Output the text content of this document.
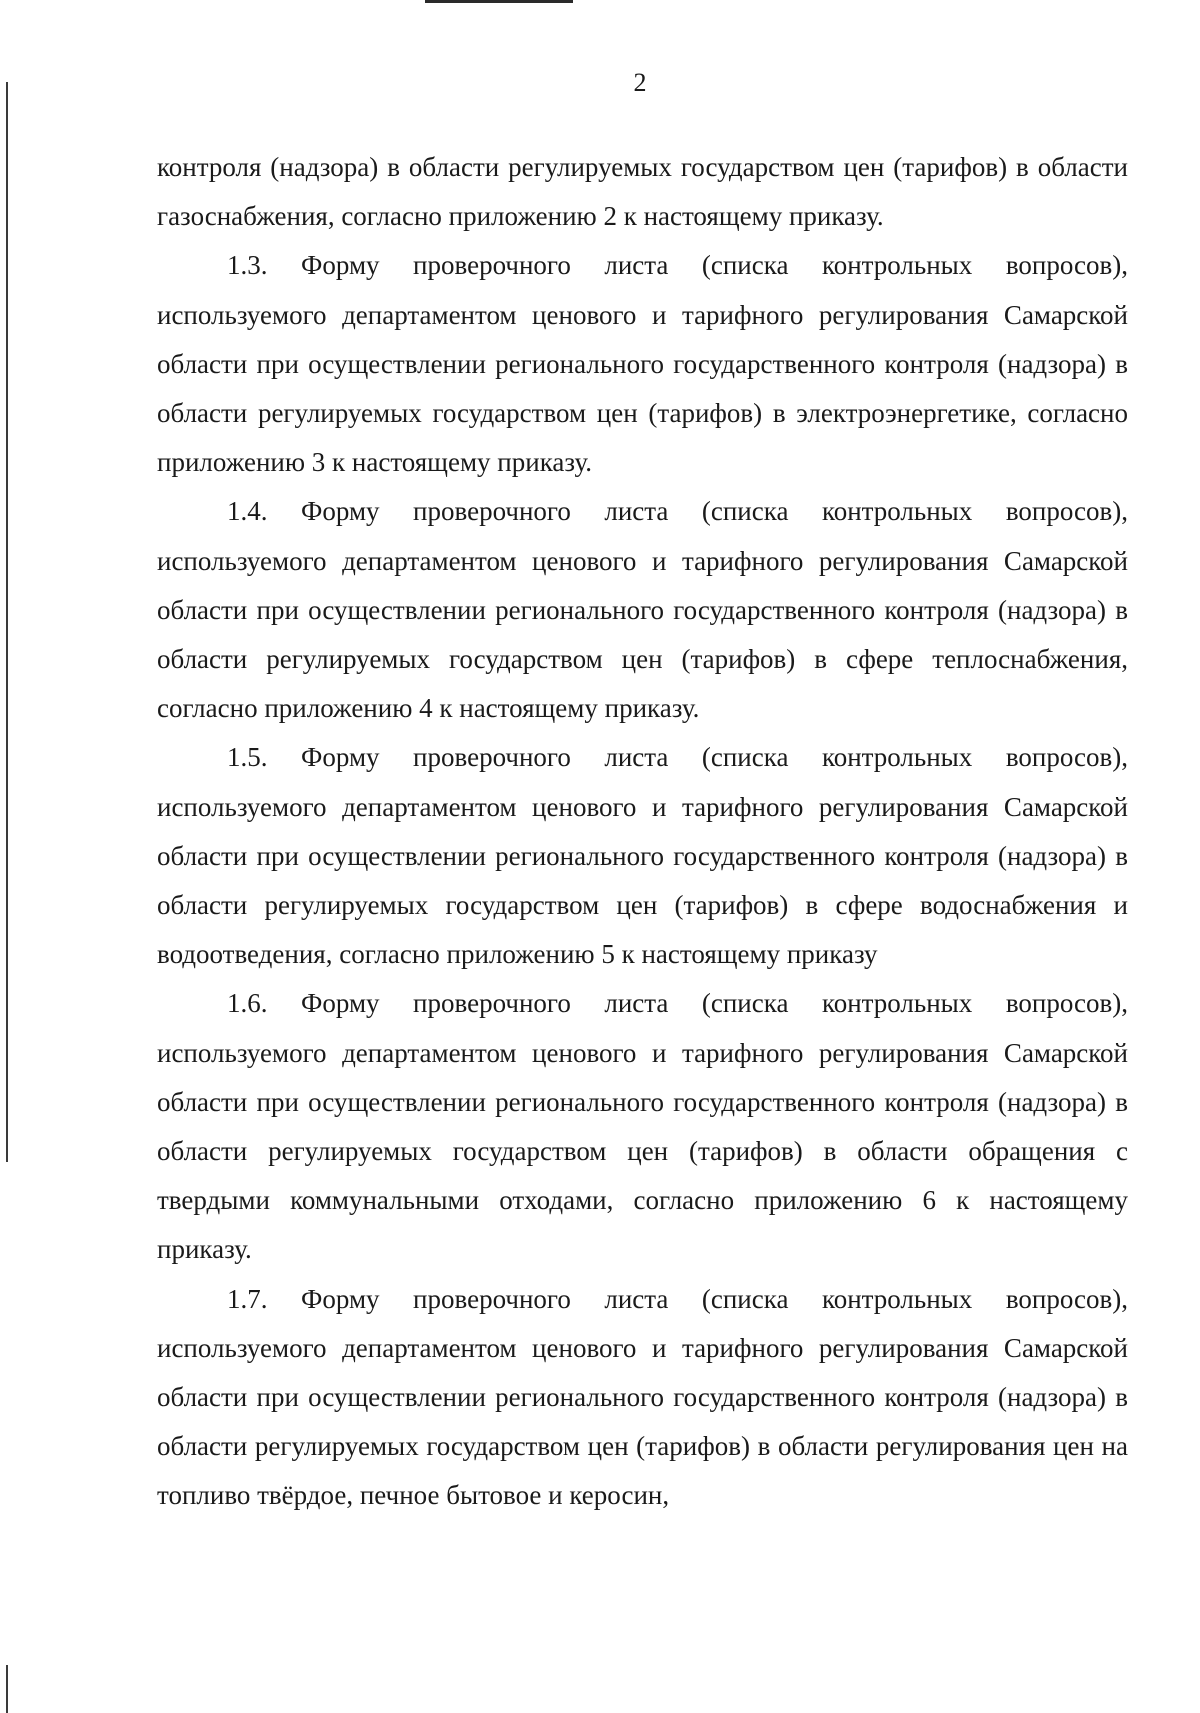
2

контроля (надзора) в области регулируемых государством цен (тарифов) в области газоснабжения, согласно приложению 2 к настоящему приказу.

1.3. Форму проверочного листа (списка контрольных вопросов), используемого департаментом ценового и тарифного регулирования Самарской области при осуществлении регионального государственного контроля (надзора) в области регулируемых государством цен (тарифов) в электроэнергетике, согласно приложению 3 к настоящему приказу.

1.4. Форму проверочного листа (списка контрольных вопросов), используемого департаментом ценового и тарифного регулирования Самарской области при осуществлении регионального государственного контроля (надзора) в области регулируемых государством цен (тарифов) в сфере теплоснабжения, согласно приложению 4 к настоящему приказу.

1.5. Форму проверочного листа (списка контрольных вопросов), используемого департаментом ценового и тарифного регулирования Самарской области при осуществлении регионального государственного контроля (надзора) в области регулируемых государством цен (тарифов) в сфере водоснабжения и водоотведения, согласно приложению 5 к настоящему приказу

1.6. Форму проверочного листа (списка контрольных вопросов), используемого департаментом ценового и тарифного регулирования Самарской области при осуществлении регионального государственного контроля (надзора) в области регулируемых государством цен (тарифов) в области обращения с твердыми коммунальными отходами, согласно приложению 6 к настоящему приказу.

1.7. Форму проверочного листа (списка контрольных вопросов), используемого департаментом ценового и тарифного регулирования Самарской области при осуществлении регионального государственного контроля (надзора) в области регулируемых государством цен (тарифов) в области регулирования цен на топливо твёрдое, печное бытовое и керосин,
